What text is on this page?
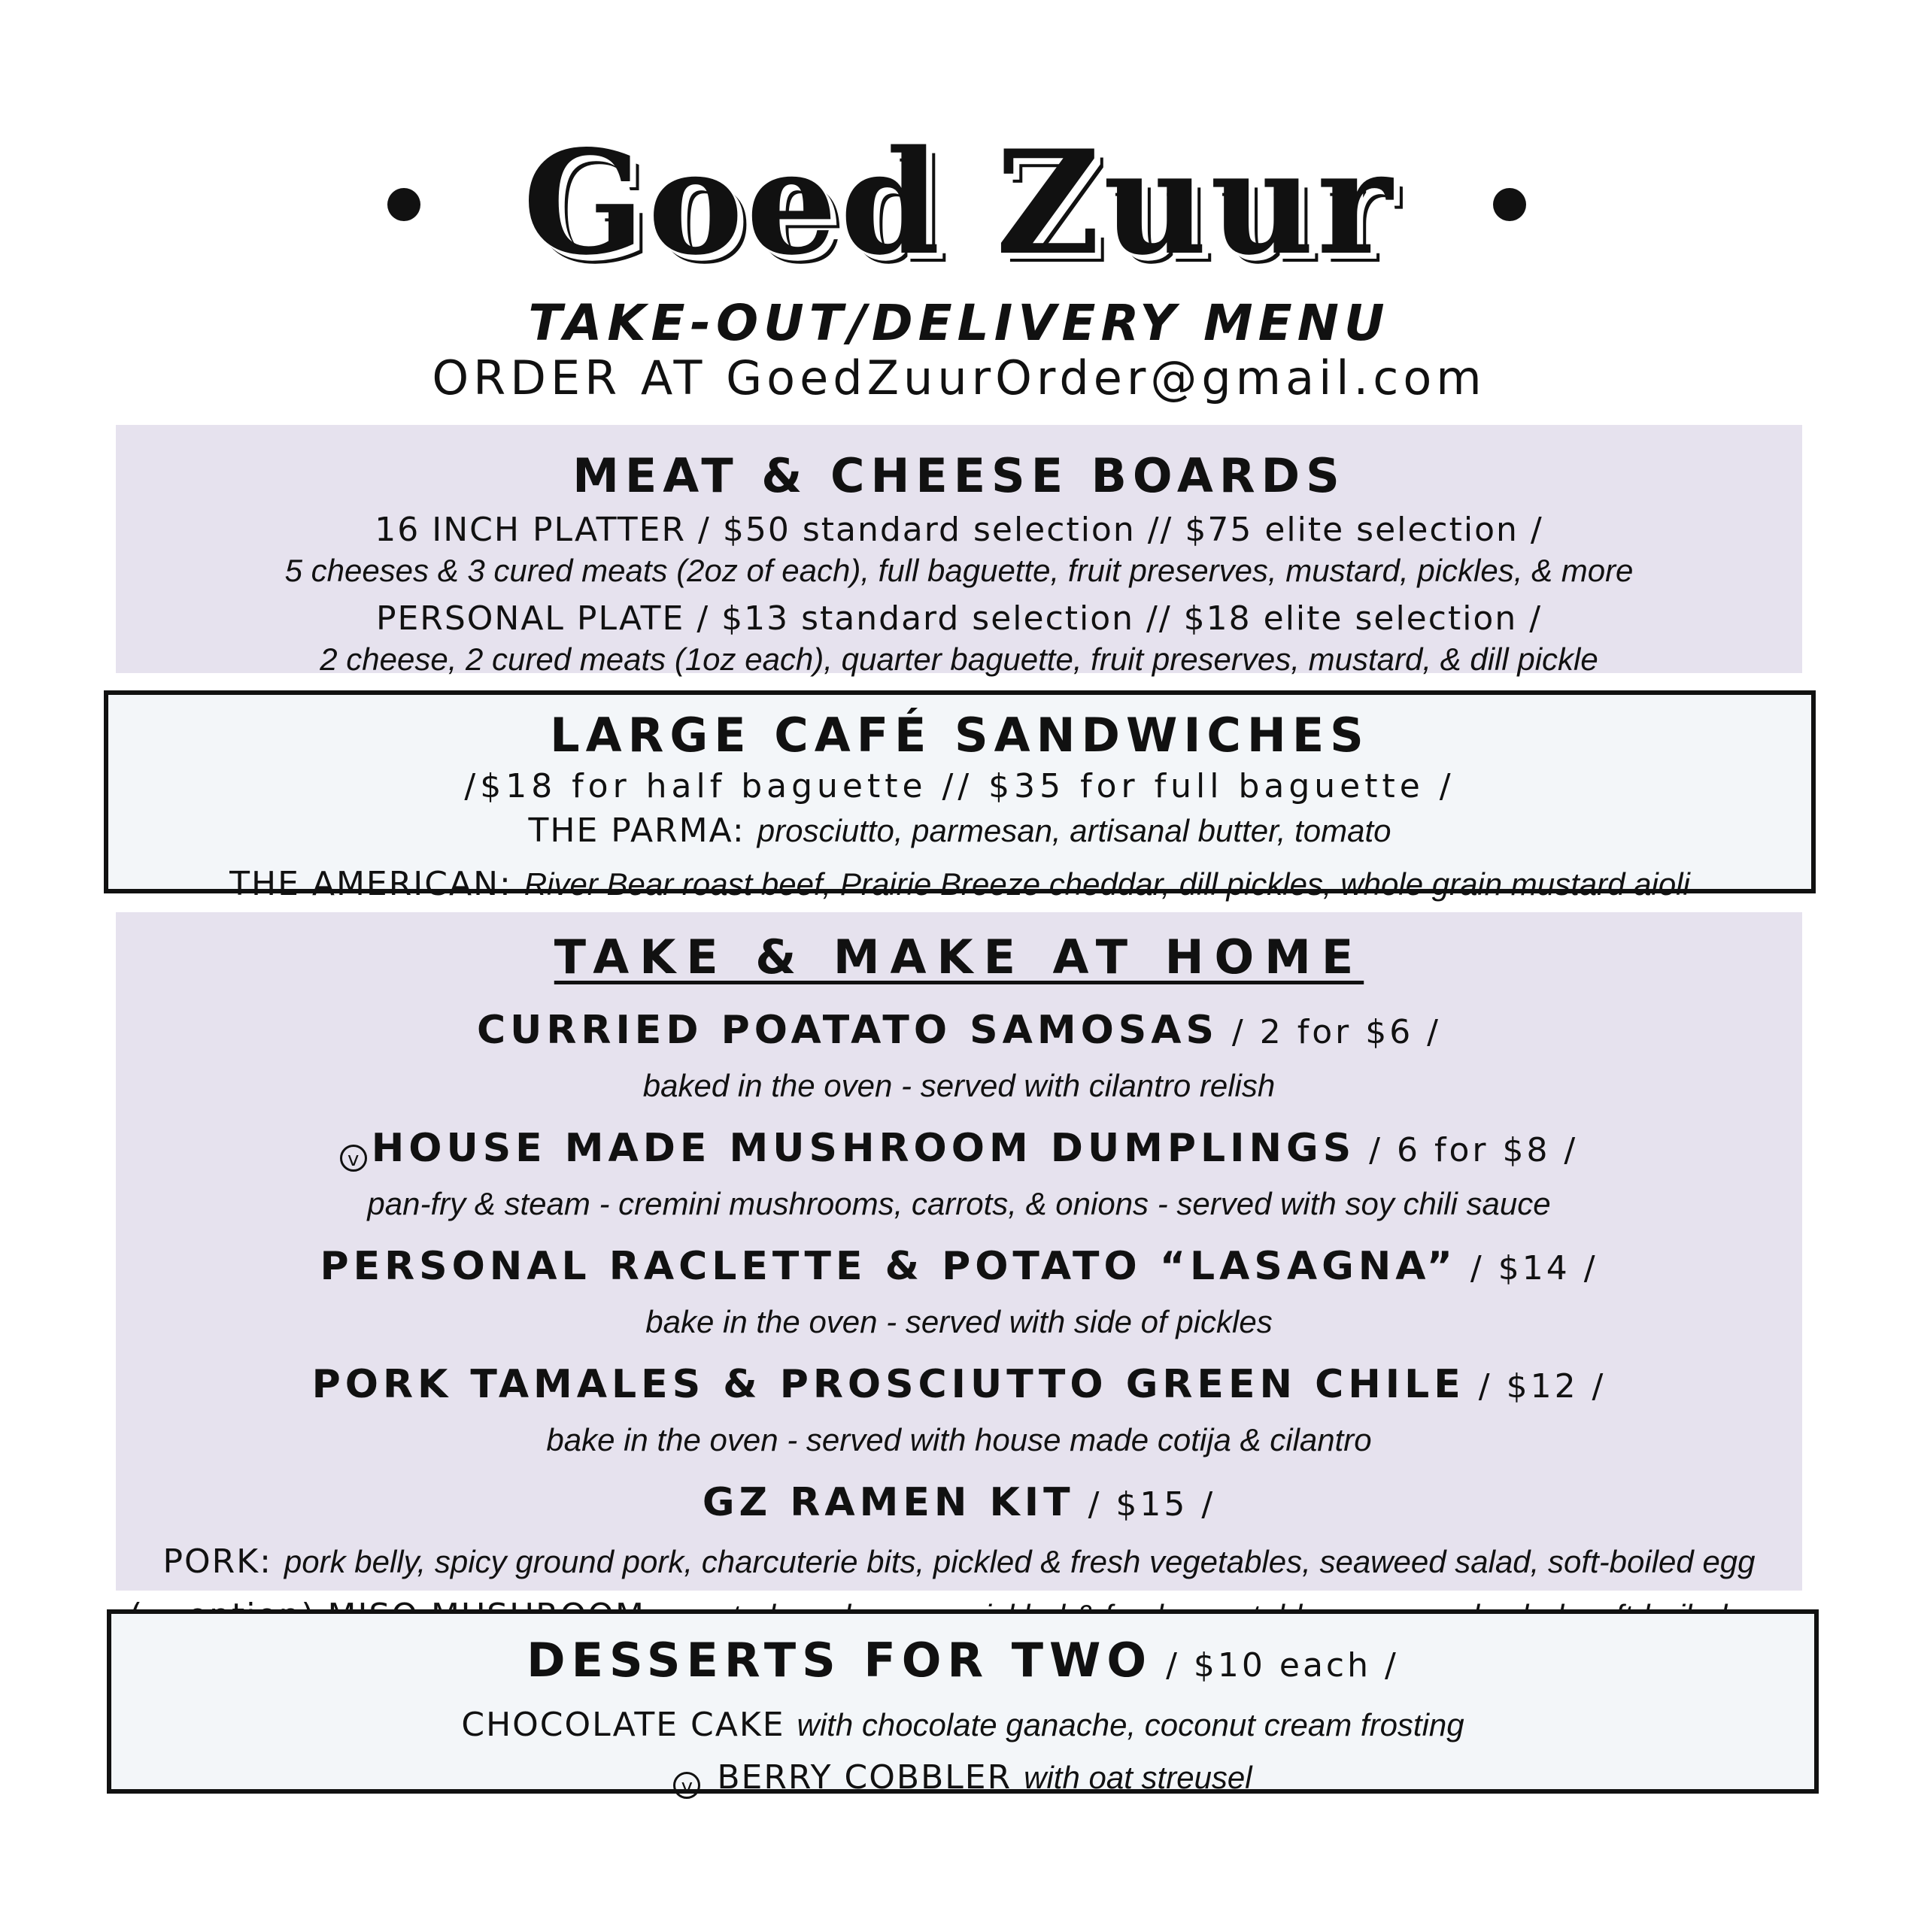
Goed Zuur
TAKE-OUT/DELIVERY MENU
ORDER AT GoedZuurOrder@gmail.com
MEAT & CHEESE BOARDS
16 INCH PLATTER / $50 standard selection // $75 elite selection /
5 cheeses & 3 cured meats (2oz of each), full baguette, fruit preserves, mustard, pickles, & more
PERSONAL PLATE / $13 standard selection // $18 elite selection /
2 cheese, 2 cured meats (1oz each), quarter baguette, fruit preserves, mustard, & dill pickle
LARGE CAFÉ SANDWICHES
/$18 for half baguette // $35 for full baguette /
THE PARMA: prosciutto, parmesan, artisanal butter, tomato
THE AMERICAN: River Bear roast beef, Prairie Breeze cheddar, dill pickles, whole grain mustard aioli
TAKE & MAKE AT HOME
CURRIED POATATO SAMOSAS / 2 for $6 /
baked in the oven - served with cilantro relish
v HOUSE MADE MUSHROOM DUMPLINGS / 6 for $8 /
pan-fry & steam - cremini mushrooms, carrots, & onions - served with soy chili sauce
PERSONAL RACLETTE & POTATO “LASAGNA” / $14 /
bake in the oven - served with side of pickles
PORK TAMALES & PROSCIUTTO GREEN CHILE / $12 /
bake in the oven - served with house made cotija & cilantro
GZ RAMEN KIT / $15 /
PORK: pork belly, spicy ground pork, charcuterie bits, pickled & fresh vegetables, seaweed salad, soft-boiled egg
DESSERTS FOR TWO / $10 each /
CHOCOLATE CAKE with chocolate ganache, coconut cream frosting
v BERRY COBBLER with oat streusel
